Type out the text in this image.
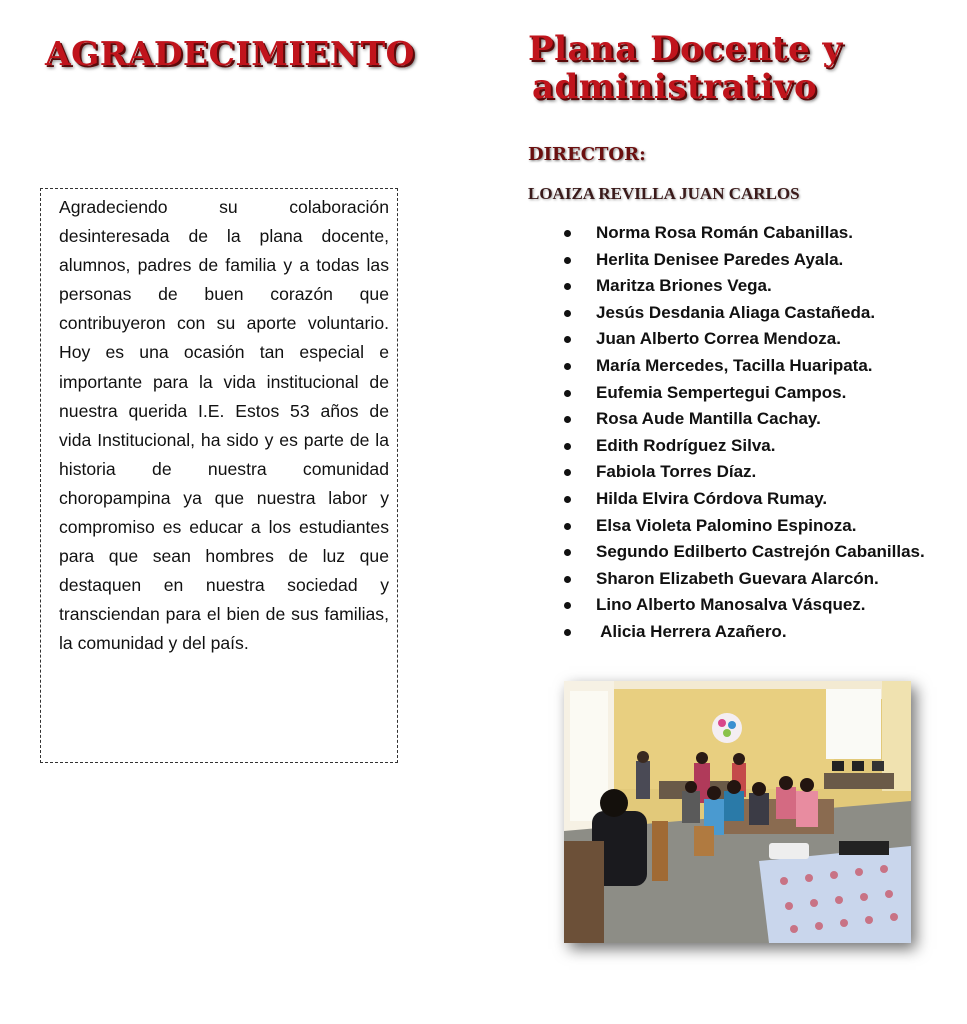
AGRADECIMIENTO	Plana Docente y
administrativo
DIRECTOR:

LOAIZA REVILLA JUAN CARLOS

Agradeciendo su colaboración desinteresada de la plana docente, alumnos, padres de familia y a todas las personas de buen corazón que contribuyeron con su aporte voluntario. Hoy es una ocasión tan especial e importante para la vida institucional de nuestra querida I.E. Estos 53 años de vida Institucional, ha sido y es parte de la historia de nuestra comunidad choropampina ya que nuestra labor y compromiso es educar a los estudiantes para que sean hombres de luz que destaquen en nuestra sociedad y transciendan para el bien de sus familias, la comunidad y del país.

Norma Rosa Román Cabanillas.
Herlita Denisee Paredes Ayala.
Maritza Briones Vega.
Jesús Desdania Aliaga Castañeda.
Juan Alberto Correa Mendoza.
María Mercedes, Tacilla Huaripata.
Eufemia Sempertegui Campos.
Rosa Aude Mantilla Cachay.
Edith Rodríguez Silva.
Fabiola Torres Díaz.
Hilda Elvira Córdova Rumay.
Elsa Violeta Palomino Espinoza.
Segundo Edilberto Castrejón Cabanillas.
Sharon Elizabeth Guevara Alarcón.
Lino Alberto Manosalva Vásquez.
Alicia Herrera Azañero.
